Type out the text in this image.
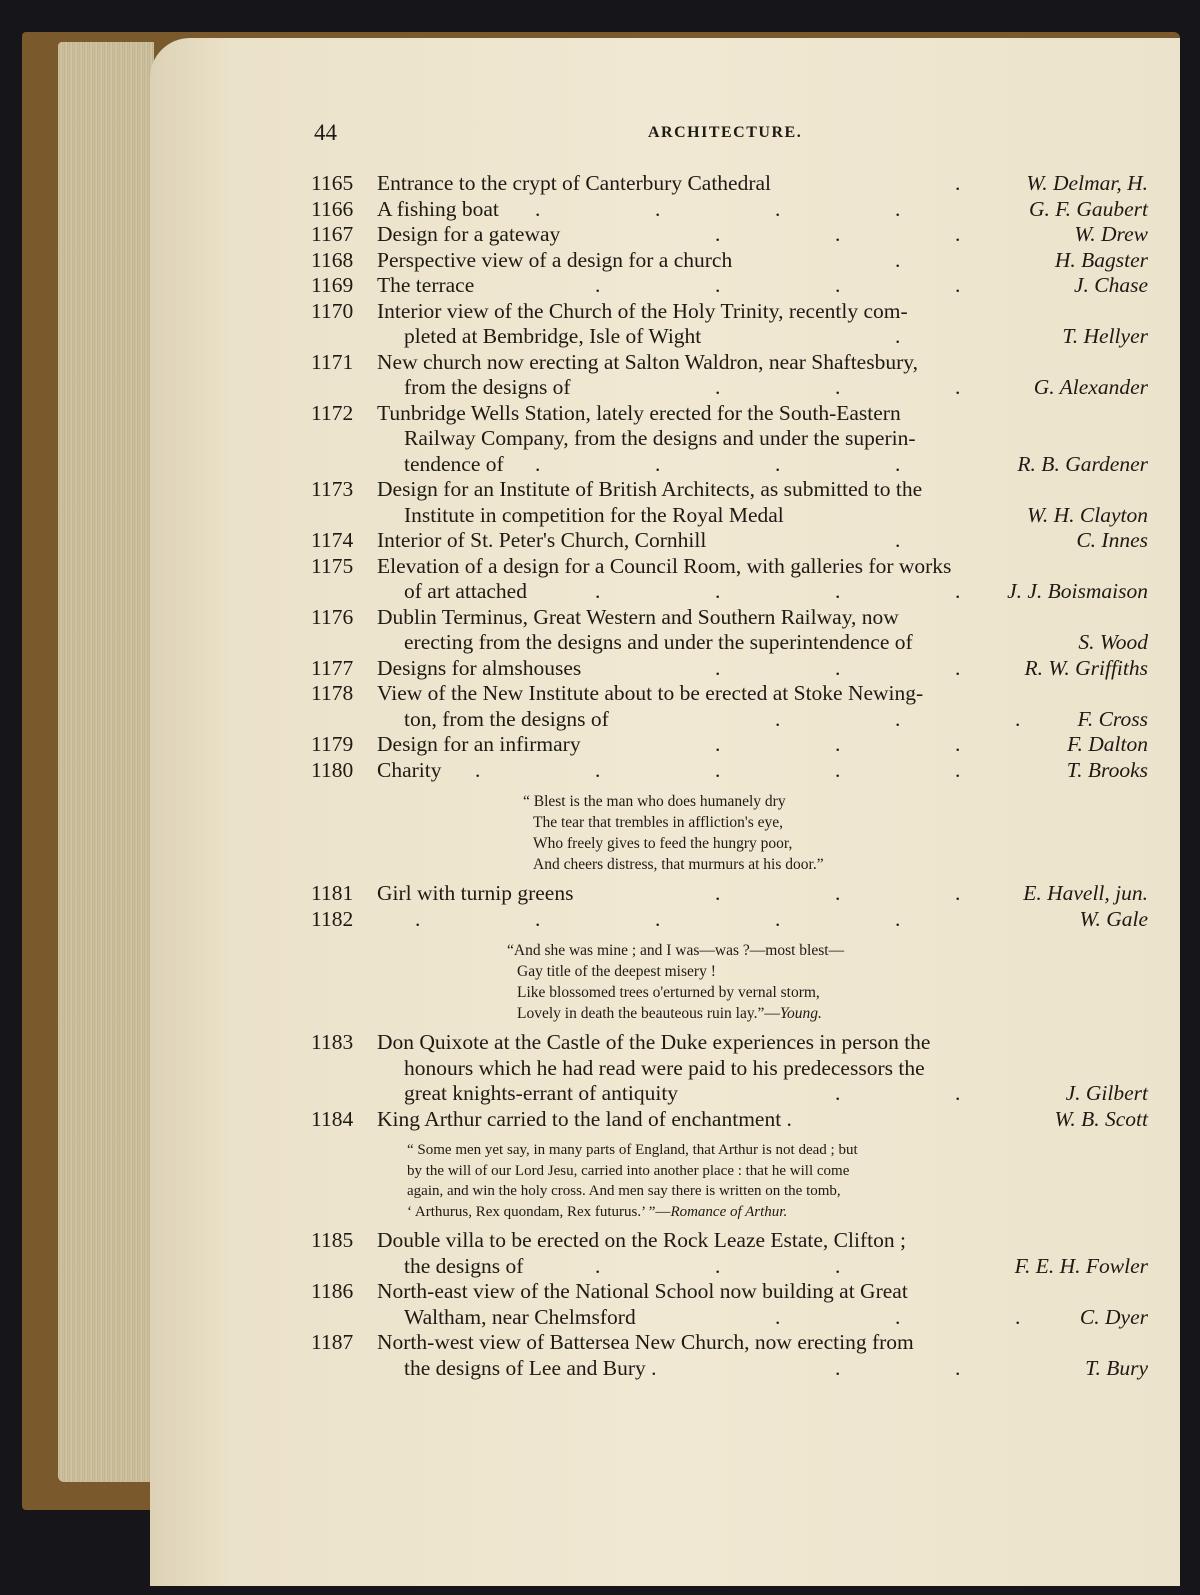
44	ARCHITECTURE.
1165	Entrance to the crypt of Canterbury Cathedral	.	W. Delmar, H.
1166	A fishing boat .	.	.	.	G. F. Gaubert
1167	Design for a gateway	.	.	.	W. Drew
1168	Perspective view of a design for a church	.	H. Bagster
1169	The terrace	.	.	.	.	J. Chase
1170	Interior view of the Church of the Holy Trinity, recently com-
pleted at Bembridge, Isle of Wight	.	T. Hellyer
1171	New church now erecting at Salton Waldron, near Shaftesbury,
from the designs of	.	.	.	G. Alexander
1172	Tunbridge Wells Station, lately erected for the South-Eastern
Railway Company, from the designs and under the superin-
tendence of .	.	.	.	R. B. Gardener
1173	Design for an Institute of British Architects, as submitted to the
Institute in competition for the Royal Medal	W. H. Clayton
1174	Interior of St. Peter's Church, Cornhill	.	C. Innes
1175	Elevation of a design for a Council Room, with galleries for works
of art attached	.	.	.	. J. J. Boismaison
1176	Dublin Terminus, Great Western and Southern Railway, now
erecting from the designs and under the superintendence of	S. Wood
1177	Designs for almshouses	.	.	.	R. W. Griffiths
1178	View of the New Institute about to be erected at Stoke Newing-
ton, from the designs of	.	.	.	F. Cross
1179	Design for an infirmary	.	.	.	F. Dalton
1180	Charity .	.	.	.	.	T. Brooks
“ Blest is the man who does humanely dry
The tear that trembles in affliction's eye,
Who freely gives to feed the hungry poor,
And cheers distress, that murmurs at his door.”
1181	Girl with turnip greens	.	.	.	E. Havell, jun.
1182	.	.	.	.	.	W. Gale
“And she was mine ; and I was—was ?—most blest—
Gay title of the deepest misery !
Like blossomed trees o'erturned by vernal storm,
Lovely in death the beauteous ruin lay.”—Young.
1183	Don Quixote at the Castle of the Duke experiences in person the
honours which he had read were paid to his predecessors the
great knights-errant of antiquity	.	.	J. Gilbert
1184	King Arthur carried to the land of enchantment .	W. B. Scott
“ Some men yet say, in many parts of England, that Arthur is not dead ; but
by the will of our Lord Jesu, carried into another place : that he will come
again, and win the holy cross. And men say there is written on the tomb,
‘ Arthurus, Rex quondam, Rex futurus.’ ”—Romance of Arthur.
1185	Double villa to be erected on the Rock Leaze Estate, Clifton ;
the designs of	.	.	.	F. E. H. Fowler
1186	North-east view of the National School now building at Great
Waltham, near Chelmsford	.	.	.	C. Dyer
1187	North-west view of Battersea New Church, now erecting from
the designs of Lee and Bury .	.	.	T. Bury
